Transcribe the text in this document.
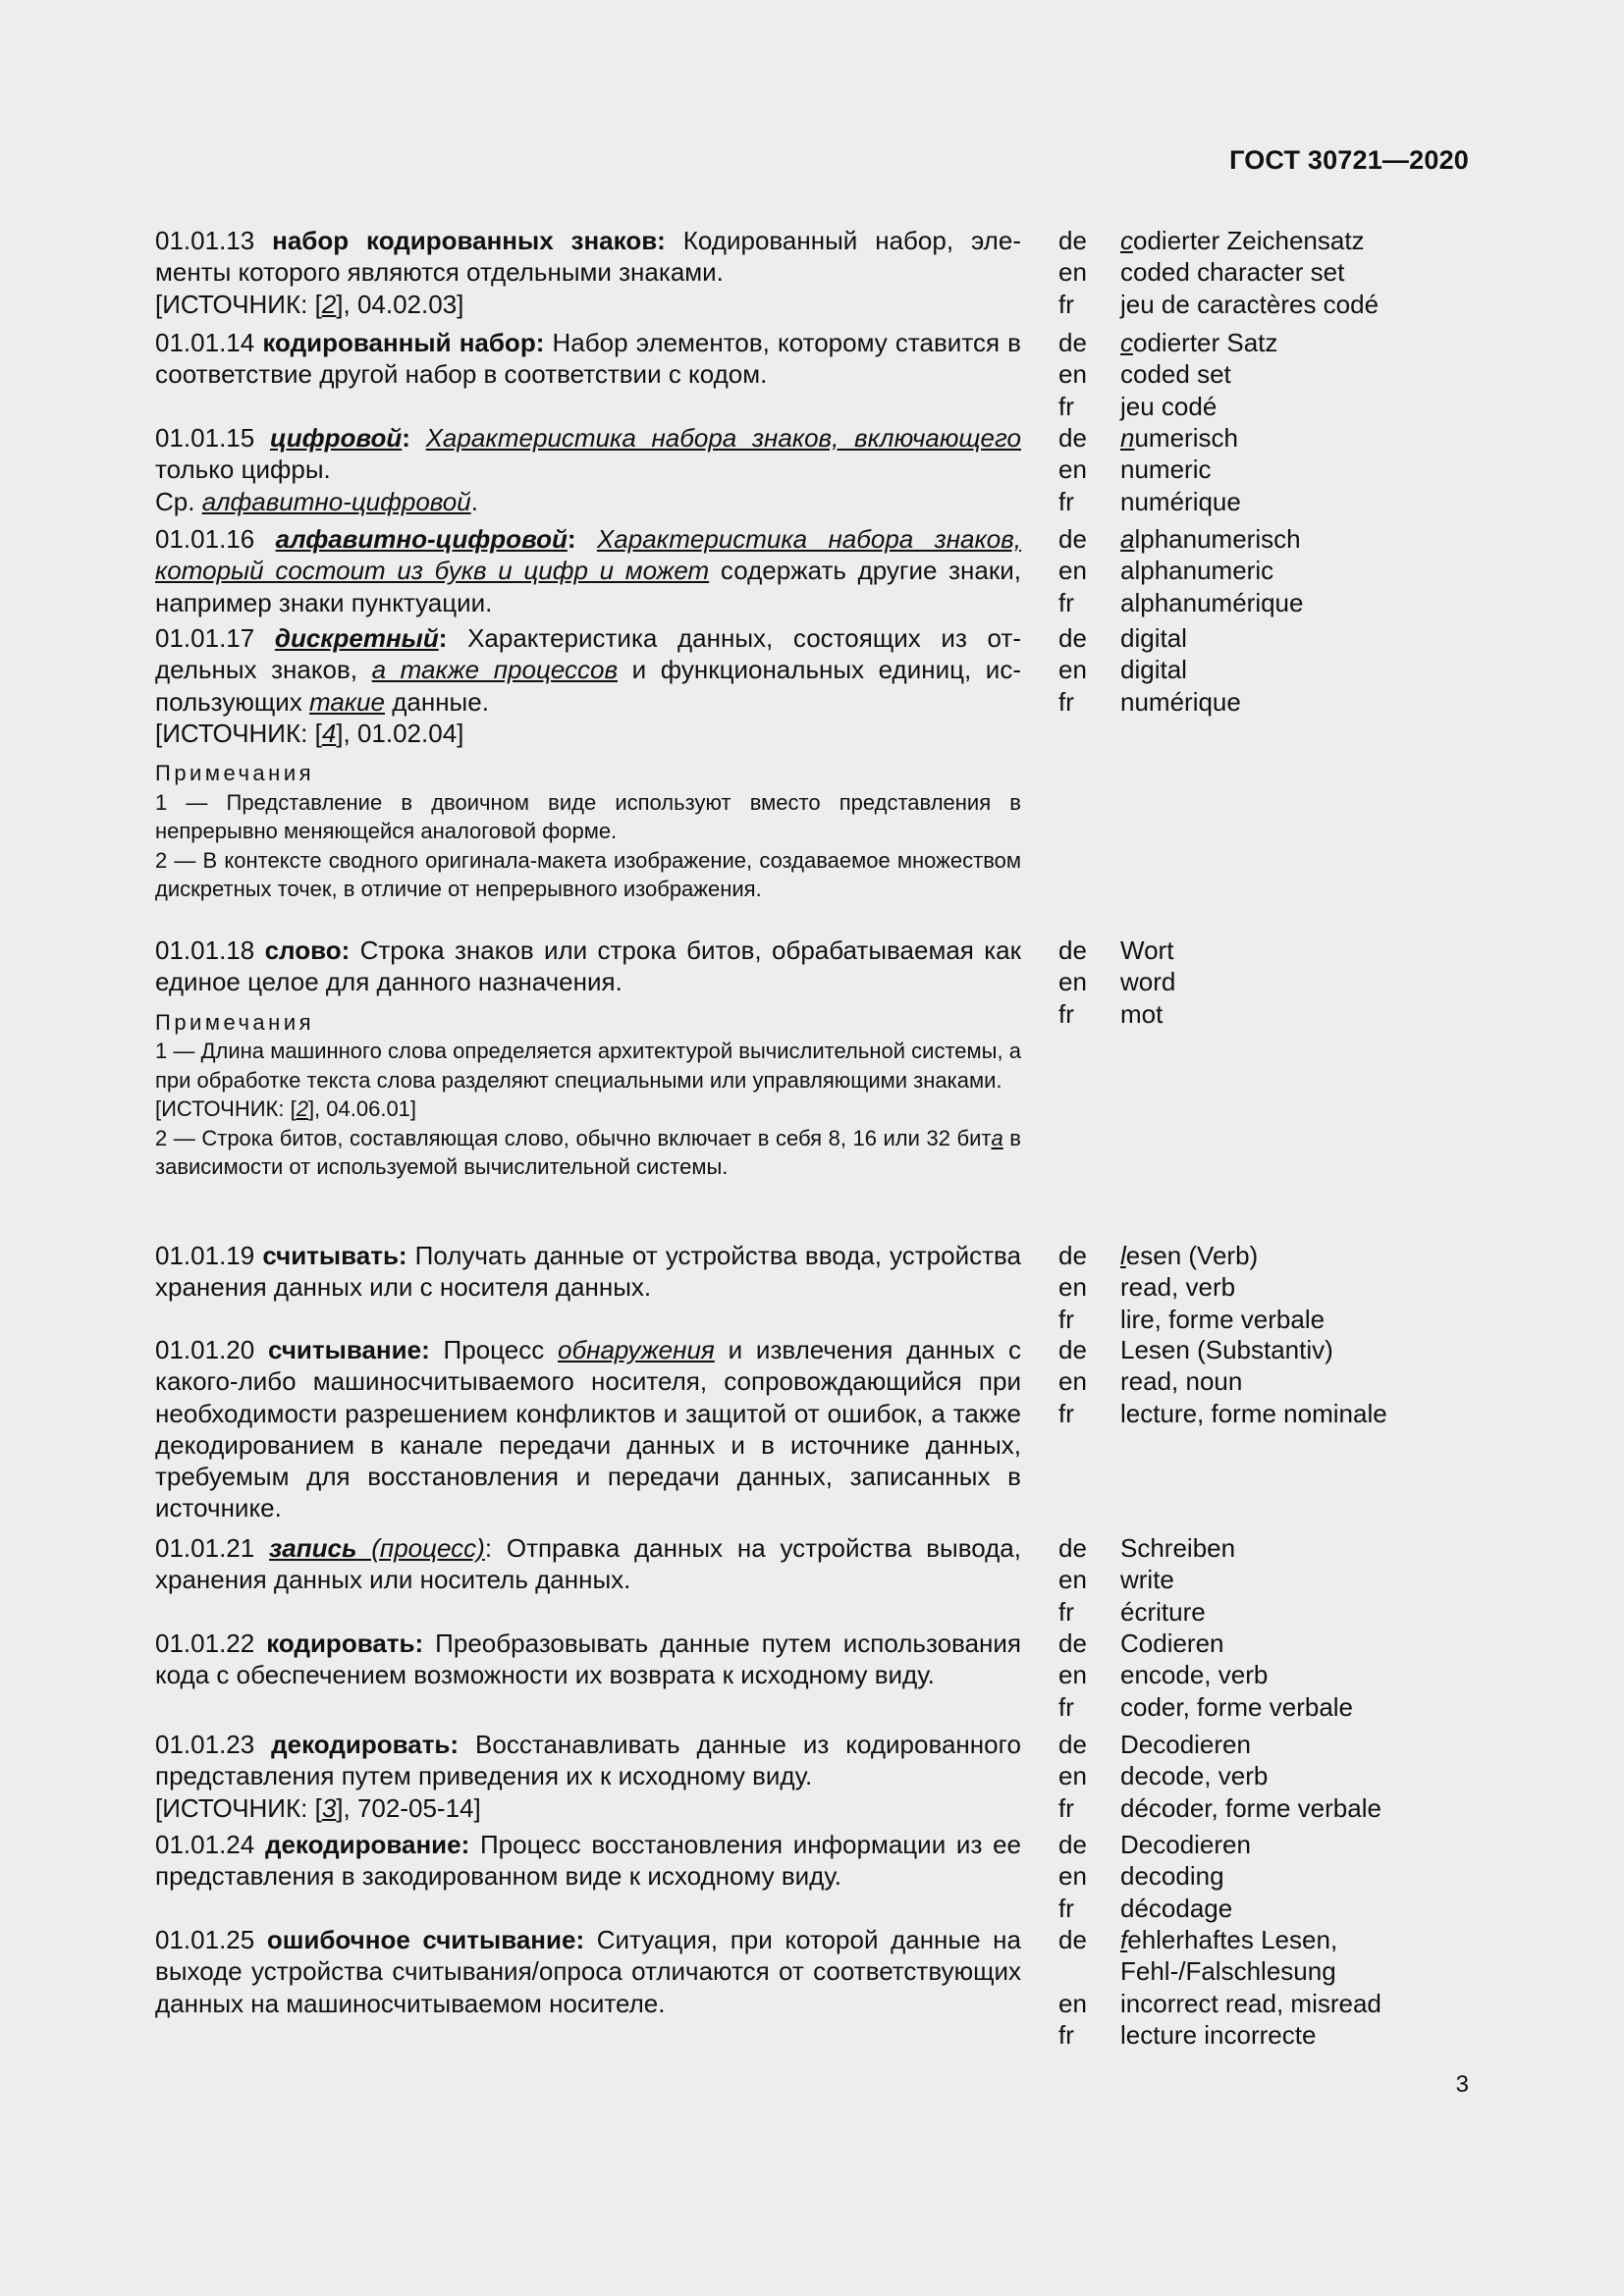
ГОСТ 30721—2020

01.01.13 набор кодированных знаков: Кодированный набор, элементы которого являются отдельными знаками.

[ИСТОЧНИК: [2], 04.02.03]

de	codierter Zeichensatz
en	coded character set
fr	jeu de caractères codé

01.01.14 кодированный набор: Набор элементов, которому ставится в соответствие другой набор в соответствии с кодом.

de	codierter Satz
en	coded set
fr	jeu codé

01.01.15 цифровой: Характеристика набора знаков, включающего только цифры.

Ср. алфавитно-цифровой.

de	numerisch
en	numeric
fr	numérique

01.01.16 алфавитно-цифровой: Характеристика набора знаков, который состоит из букв и цифр и может содержать другие знаки, например знаки пунктуации.

de	alphanumerisch
en	alphanumeric
fr	alphanumérique

01.01.17 дискретный: Характеристика данных, состоящих из отдельных знаков, а также процессов и функциональных единиц, использующих такие данные.

[ИСТОЧНИК: [4], 01.02.04]

Примечания

1 — Представление в двоичном виде используют вместо представления в непрерывно меняющейся аналоговой форме.

2 — В контексте сводного оригинала-макета изображение, создаваемое множеством дискретных точек, в отличие от непрерывного изображения.

de	digital
en	digital
fr	numérique

01.01.18 слово: Строка знаков или строка битов, обрабатываемая как единое целое для данного назначения.

Примечания

1 — Длина машинного слова определяется архитектурой вычислительной системы, а при обработке текста слова разделяют специальными или управляющими знаками.

[ИСТОЧНИК: [2], 04.06.01]

2 — Строка битов, составляющая слово, обычно включает в себя 8, 16 или 32 бита в зависимости от используемой вычислительной системы.

de	Wort
en	word
fr	mot

01.01.19 считывать: Получать данные от устройства ввода, устройства хранения данных или с носителя данных.

de	lesen (Verb)
en	read, verb
fr	lire, forme verbale

01.01.20 считывание: Процесс обнаружения и извлечения данных с какого-либо машиносчитываемого носителя, сопровождающийся при необходимости разрешением конфликтов и защитой от ошибок, а также декодированием в канале передачи данных и в источнике данных, требуемым для восстановления и передачи данных, записанных в источнике.

de	Lesen (Substantiv)
en	read, noun
fr	lecture, forme nominale

01.01.21 запись (процесс): Отправка данных на устройства вывода, хранения данных или носитель данных.

de	Schreiben
en	write
fr	écriture

01.01.22 кодировать: Преобразовывать данные путем использования кода с обеспечением возможности их возврата к исходному виду.

de	Codieren
en	encode, verb
fr	coder, forme verbale

01.01.23 декодировать: Восстанавливать данные из кодированного представления путем приведения их к исходному виду.

[ИСТОЧНИК: [3], 702-05-14]

de	Decodieren
en	decode, verb
fr	décoder, forme verbale

01.01.24 декодирование: Процесс восстановления информации из ее представления в закодированном виде к исходному виду.

de	Decodieren
en	decoding
fr	décodage

01.01.25 ошибочное считывание: Ситуация, при которой данные на выходе устройства считывания/опроса отличаются от соответствующих данных на машиносчитываемом носителе.

de	fehlerhaftes Lesen,
Fehl-/Falschlesung
en	incorrect read, misread
fr	lecture incorrecte
3
